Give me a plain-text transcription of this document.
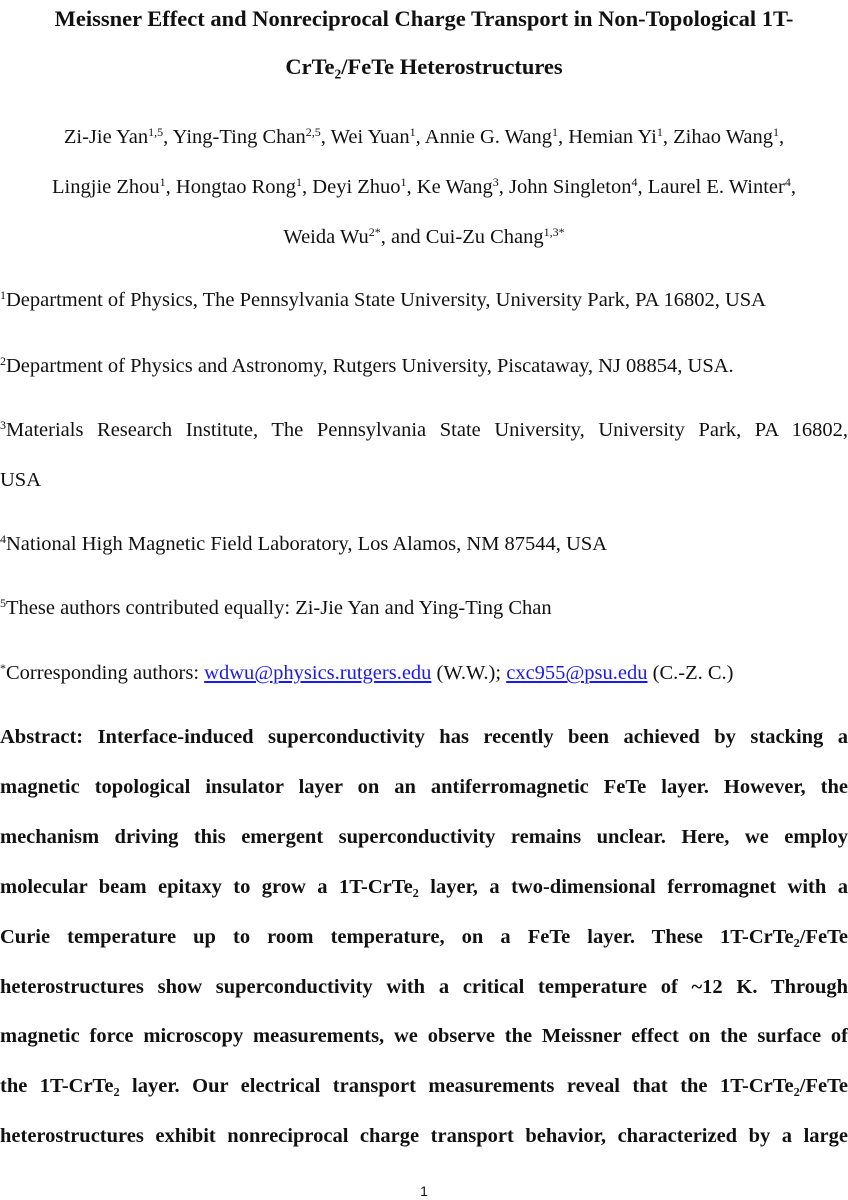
Meissner Effect and Nonreciprocal Charge Transport in Non-Topological 1T-
CrTe₂/FeTe Heterostructures
Zi-Jie Yan$^{1,5}$, Ying-Ting Chan$^{2,5}$, Wei Yuan$^1$, Annie G. Wang$^1$, Hemian Yi$^1$, Zihao Wang$^1$,
Lingjie Zhou$^1$, Hongtao Rong$^1$, Deyi Zhuo$^1$, Ke Wang$^3$, John Singleton$^4$, Laurel E. Winter$^4$,
Weida $Wu^{2*}$, and Cui-Zu Chang$^{1,3*}$
$^1$Department of Physics, The Pennsylvania State University, University Park, PA 16802, USA
$^2$Department of Physics and Astronomy, Rutgers University, Piscataway, NJ 08854, USA.
$^3$Materials Research Institute, The Pennsylvania State University, University Park, PA 16802,
USA
$^4$National High Magnetic Field Laboratory, Los Alamos, NM 87544, USA
$^5$These authors contributed equally: Zi-Jie Yan and Ying-Ting Chan
*Corresponding authors: wdwu@physics.rutgers.edu (W.W.); cxc955@psu.edu (C.-Z. C.)
Abstract: Interface-induced superconductivity has recently been achieved by stacking a
magnetic topological insulator layer on an antiferromagnetic FeTe layer. However, the
mechanism driving this emergent superconductivity remains unclear. Here, we employ
molecular beam epitaxy to grow a 1T-CrTe₂ layer, a two-dimensional ferromagnet with a
Curie temperature up to room temperature, on a FeTe layer. These 1T-CrTe₂/FeTe
heterostructures show superconductivity with a critical temperature of ~12 K. Through
magnetic force microscopy measurements, we observe the Meissner effect on the surface of
the 1T-CrTe₂ layer. Our electrical transport measurements reveal that the 1T-CrTe₂/FeTe
heterostructures exhibit nonreciprocal charge transport behavior, characterized by a large
1
